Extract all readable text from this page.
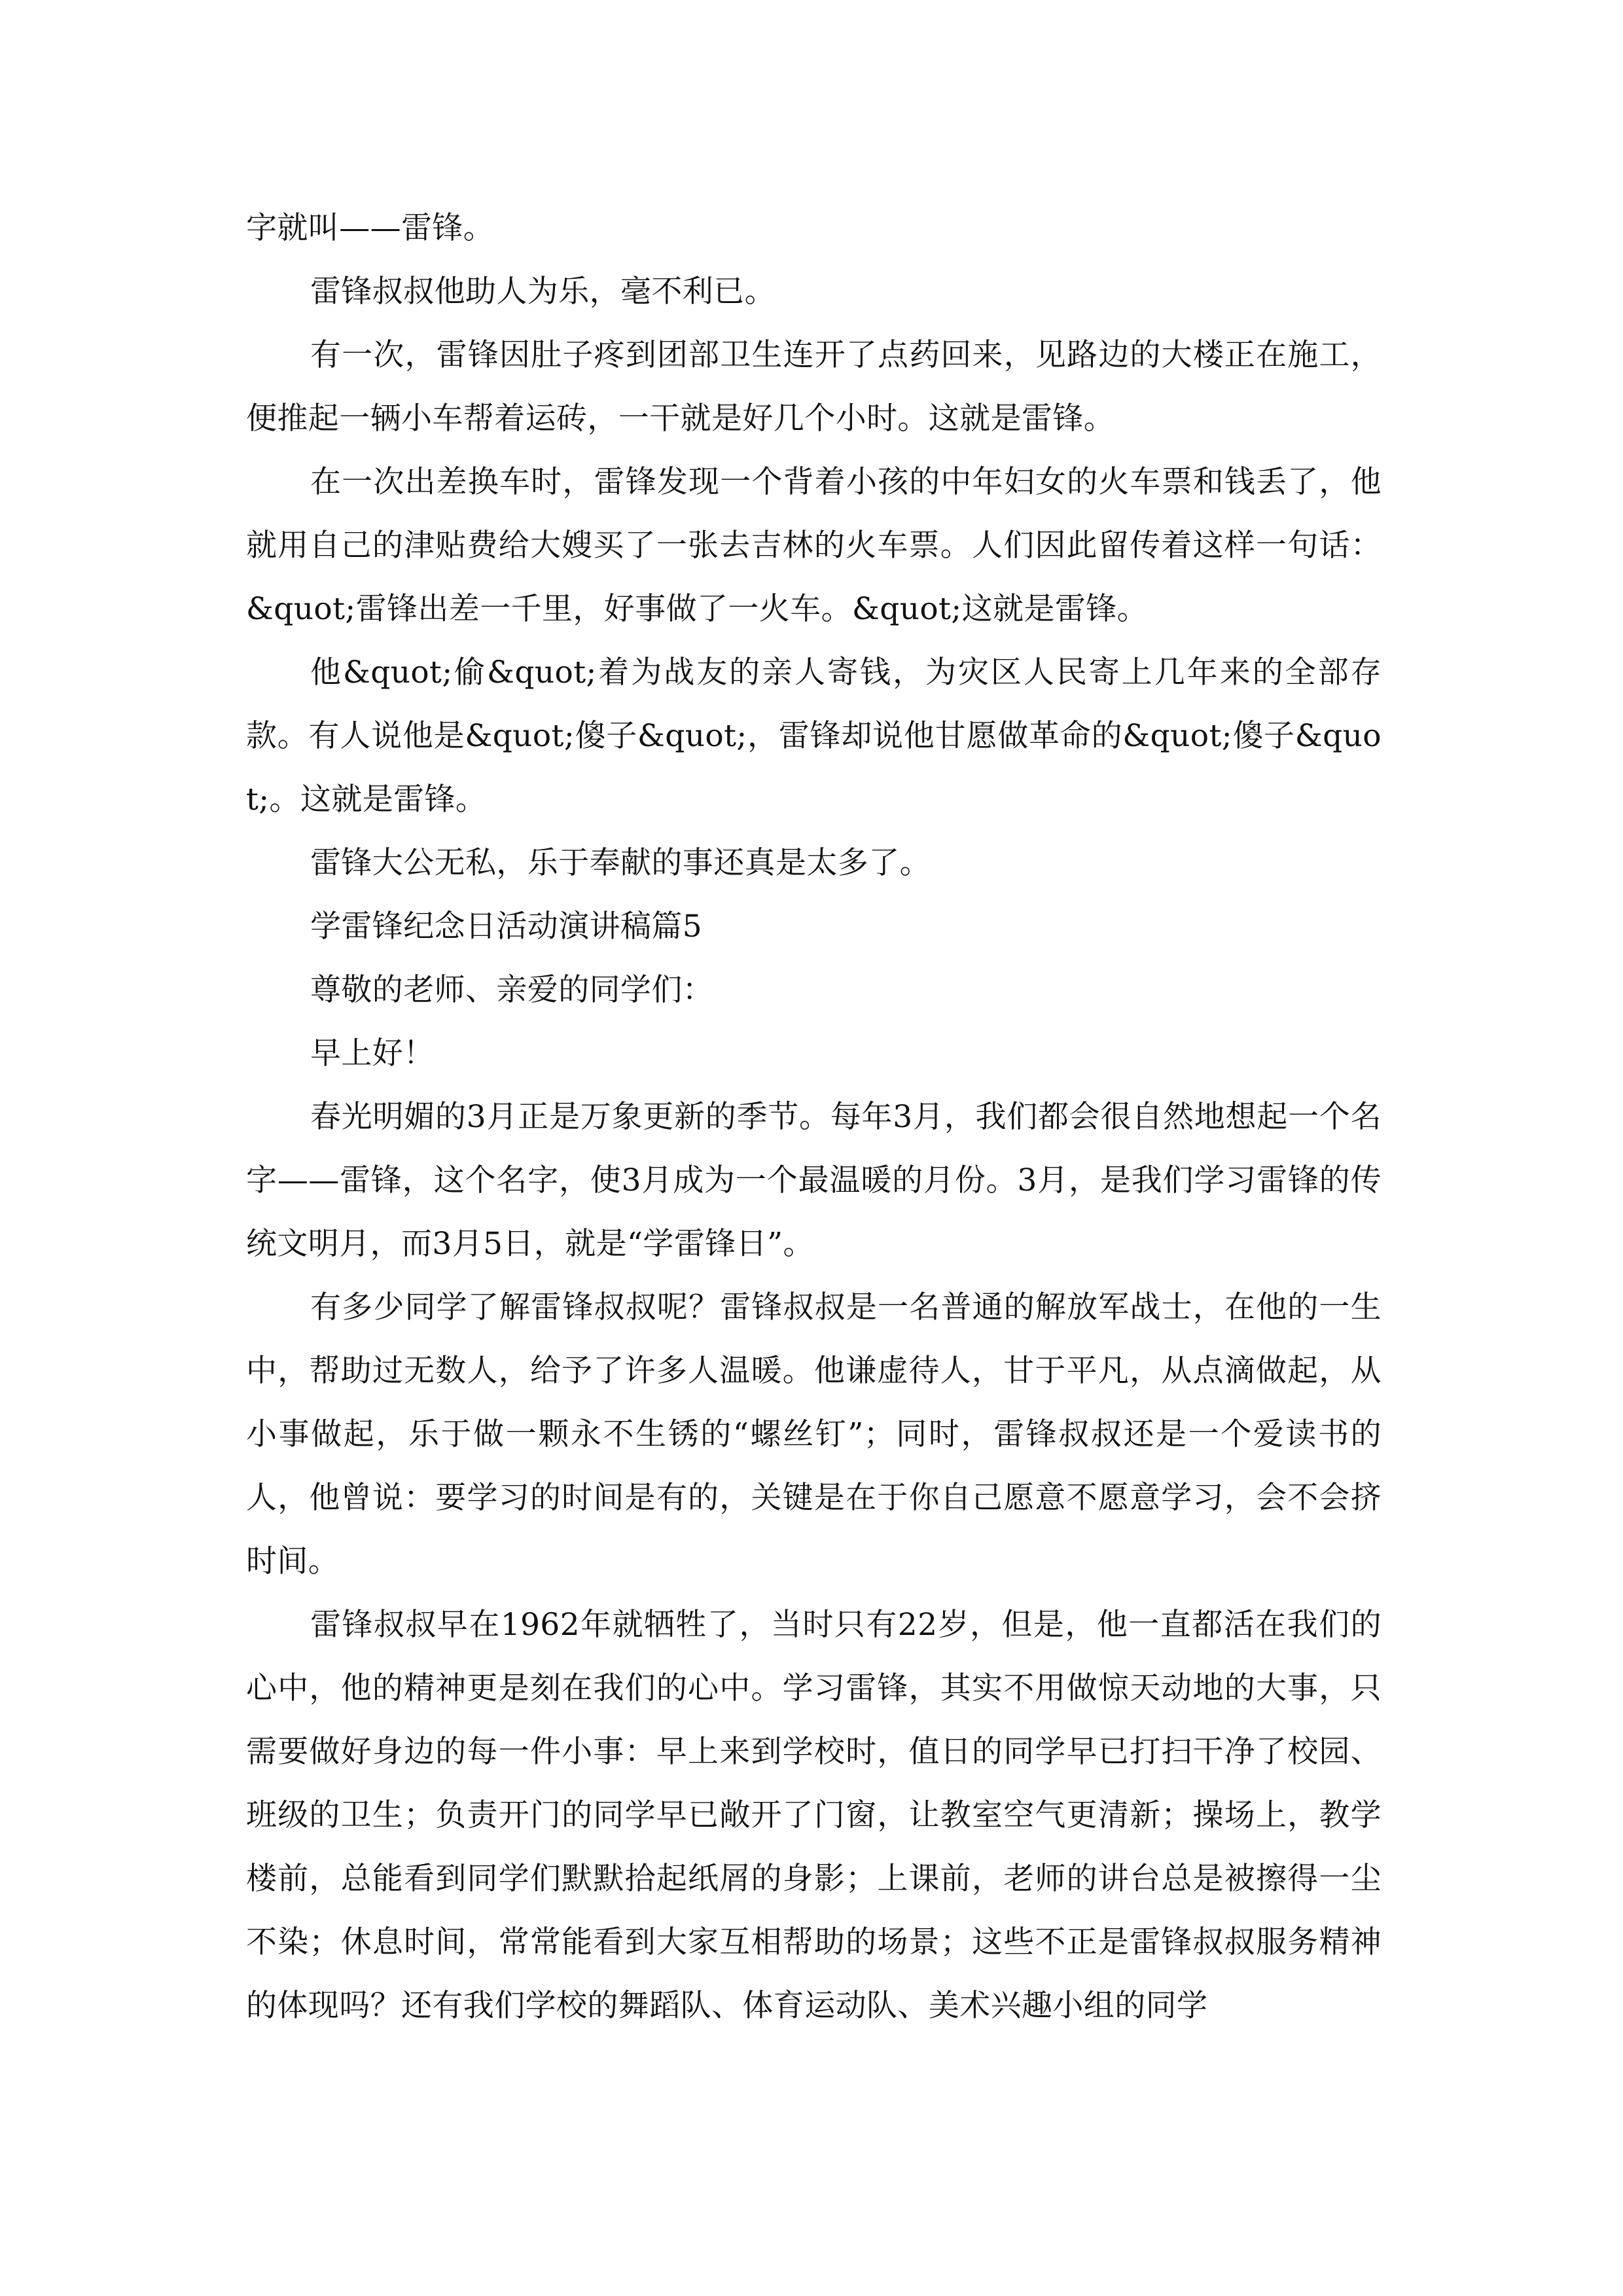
字就叫——雷锋。

雷锋叔叔他助人为乐，毫不利已。

有一次，雷锋因肚子疼到团部卫生连开了点药回来，见路边的大楼正在施工，便推起一辆小车帮着运砖，一干就是好几个小时。这就是雷锋。

在一次出差换车时，雷锋发现一个背着小孩的中年妇女的火车票和钱丢了，他就用自己的津贴费给大嫂买了一张去吉林的火车票。人们因此留传着这样一句话：&quot;雷锋出差一千里，好事做了一火车。&quot;这就是雷锋。

他&quot;偷&quot;着为战友的亲人寄钱，为灾区人民寄上几年来的全部存款。有人说他是&quot;傻子&quot;，雷锋却说他甘愿做革命的&quot;傻子&quot;。这就是雷锋。

雷锋大公无私，乐于奉献的事还真是太多了。

学雷锋纪念日活动演讲稿篇5

尊敬的老师、亲爱的同学们：

早上好！

春光明媚的3月正是万象更新的季节。每年3月，我们都会很自然地想起一个名字——雷锋，这个名字，使3月成为一个最温暖的月份。3月，是我们学习雷锋的传统文明月，而3月5日，就是“学雷锋日”。

有多少同学了解雷锋叔叔呢？雷锋叔叔是一名普通的解放军战士，在他的一生中，帮助过无数人，给予了许多人温暖。他谦虚待人，甘于平凡，从点滴做起，从小事做起，乐于做一颗永不生锈的“螺丝钉”；同时，雷锋叔叔还是一个爱读书的人，他曾说：要学习的时间是有的，关键是在于你自己愿意不愿意学习，会不会挤时间。

雷锋叔叔早在1962年就牺牲了，当时只有22岁，但是，他一直都活在我们的心中，他的精神更是刻在我们的心中。学习雷锋，其实不用做惊天动地的大事，只需要做好身边的每一件小事：早上来到学校时，值日的同学早已打扫干净了校园、班级的卫生；负责开门的同学早已敞开了门窗，让教室空气更清新；操场上，教学楼前，总能看到同学们默默拾起纸屑的身影；上课前，老师的讲台总是被擦得一尘不染；休息时间，常常能看到大家互相帮助的场景；这些不正是雷锋叔叔服务精神的体现吗？还有我们学校的舞蹈队、体育运动队、美术兴趣小组的同学
